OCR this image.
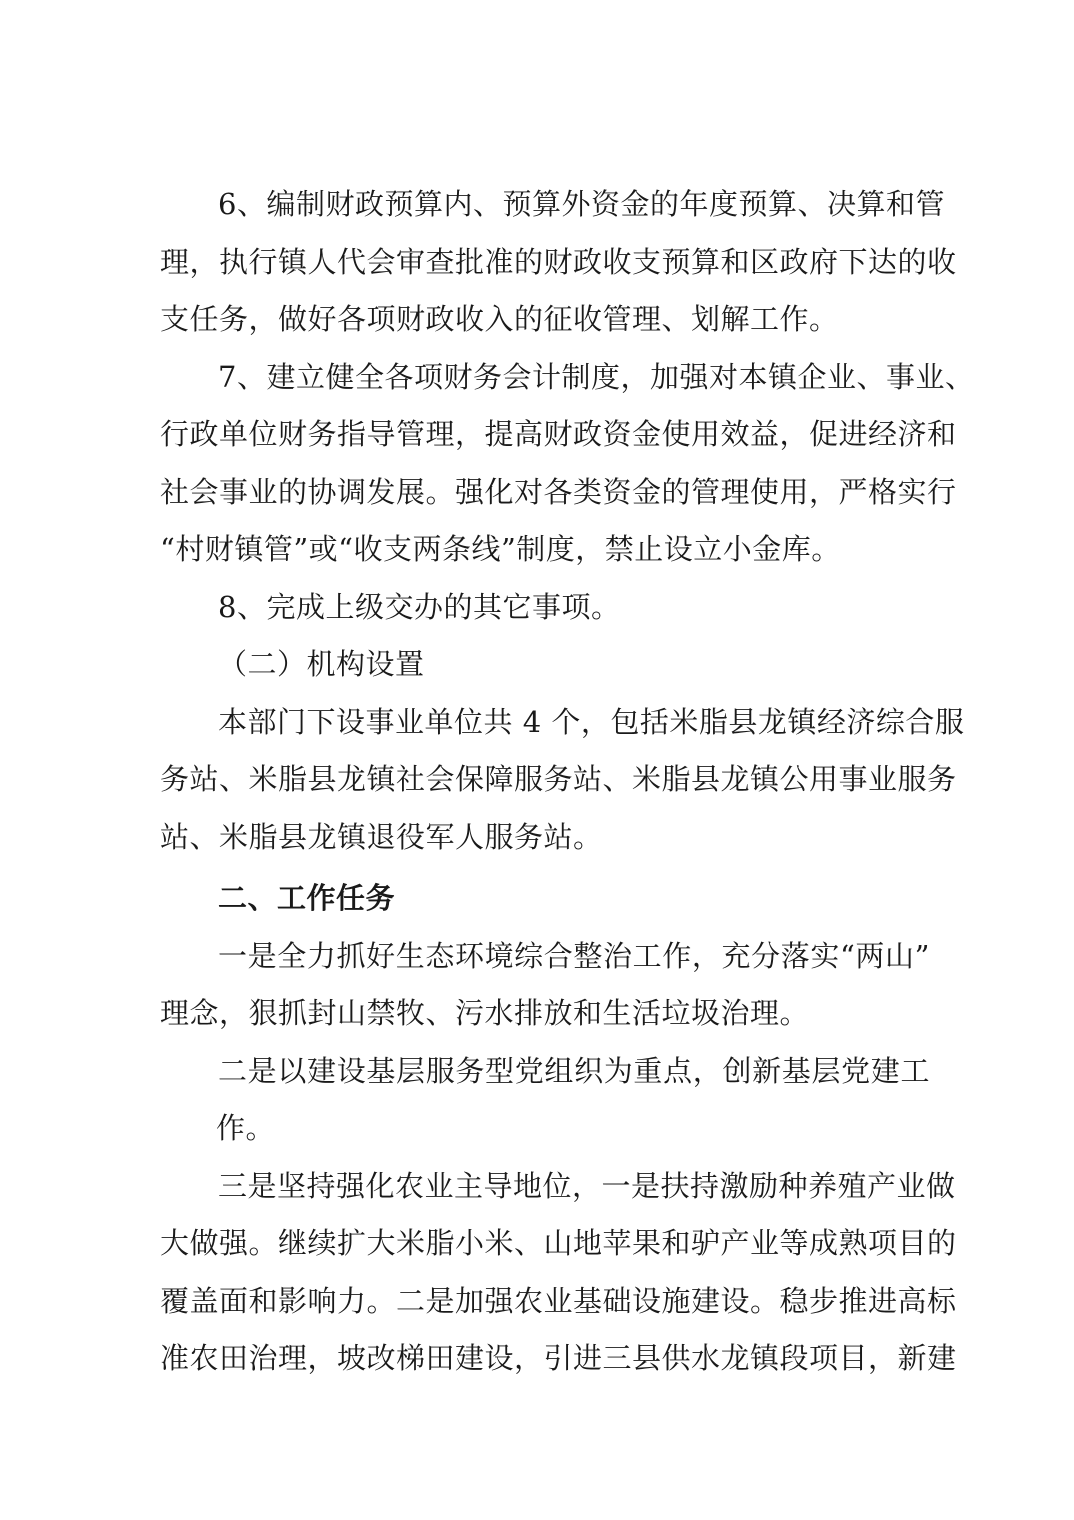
6、编制财政预算内、预算外资金的年度预算、决算和管
理，执行镇人代会审查批准的财政收支预算和区政府下达的收
支任务，做好各项财政收入的征收管理、划解工作。
7、建立健全各项财务会计制度，加强对本镇企业、事业、
行政单位财务指导管理，提高财政资金使用效益，促进经济和
社会事业的协调发展。强化对各类资金的管理使用，严格实行
“村财镇管”或“收支两条线”制度，禁止设立小金库。
8、完成上级交办的其它事项。
（二）机构设置
本部门下设事业单位共 4 个，包括米脂县龙镇经济综合服
务站、米脂县龙镇社会保障服务站、米脂县龙镇公用事业服务
站、米脂县龙镇退役军人服务站。
二、工作任务
一是全力抓好生态环境综合整治工作，充分落实“两山”
理念，狠抓封山禁牧、污水排放和生活垃圾治理。
二是以建设基层服务型党组织为重点，创新基层党建工
作。
三是坚持强化农业主导地位，一是扶持激励种养殖产业做
大做强。继续扩大米脂小米、山地苹果和驴产业等成熟项目的
覆盖面和影响力。二是加强农业基础设施建设。稳步推进高标
准农田治理，坡改梯田建设，引进三县供水龙镇段项目，新建
